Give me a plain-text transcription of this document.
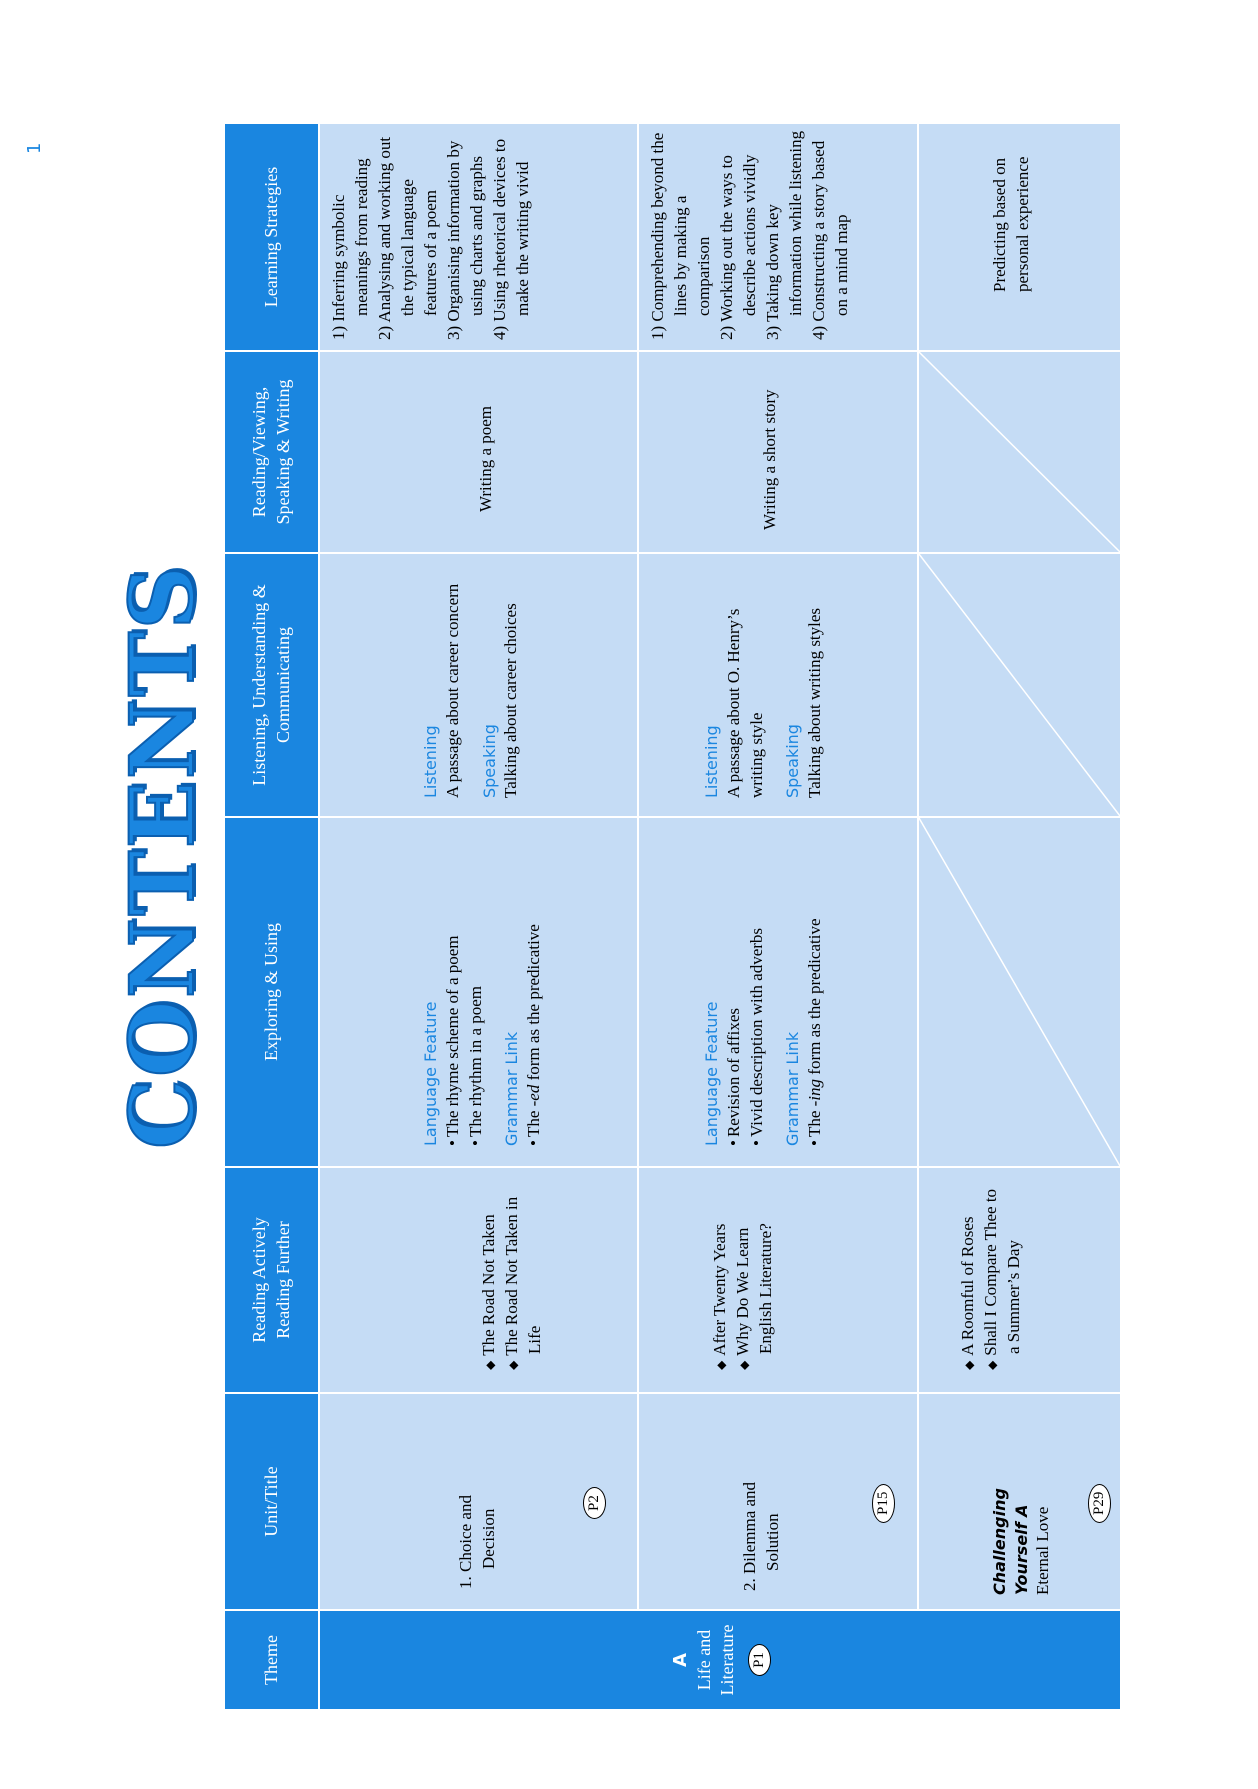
1
CONTENTS
Theme
Unit/Title
Reading Actively Reading Further
Exploring & Using
Listening, Understanding & Communicating
Reading/Viewing, Speaking & Writing
Learning Strategies
A Life and Literature P1
1. Choice and Decision
P2
◆ The Road Not Taken ◆ The Road Not Taken in Life
Language Feature • The rhyme scheme of a poem • The rhythm in a poem Grammar Link • The -ed form as the predicative
Listening A passage about career concern Speaking Talking about career choices
Writing a poem
1) Inferring symbolic meanings from reading 2) Analysing and working out the typical language features of a poem 3) Organising information by using charts and graphs 4) Using rhetorical devices to make the writing vivid
2. Dilemma and Solution
P15
◆ After Twenty Years ◆ Why Do We Learn English Literature?
Language Feature • Revision of affixes • Vivid description with adverbs Grammar Link • The -ing form as the predicative
Listening A passage about O. Henry’s writing style Speaking Talking about writing styles
Writing a short story
1) Comprehending beyond the lines by making a comparison 2) Working out the ways to describe actions vividly 3) Taking down key information while listening 4) Constructing a story based on a mind map
Challenging Yourself A Eternal Love
P29
◆ A Roomful of Roses ◆ Shall I Compare Thee to a Summer’s Day
Predicting based on personal experience
